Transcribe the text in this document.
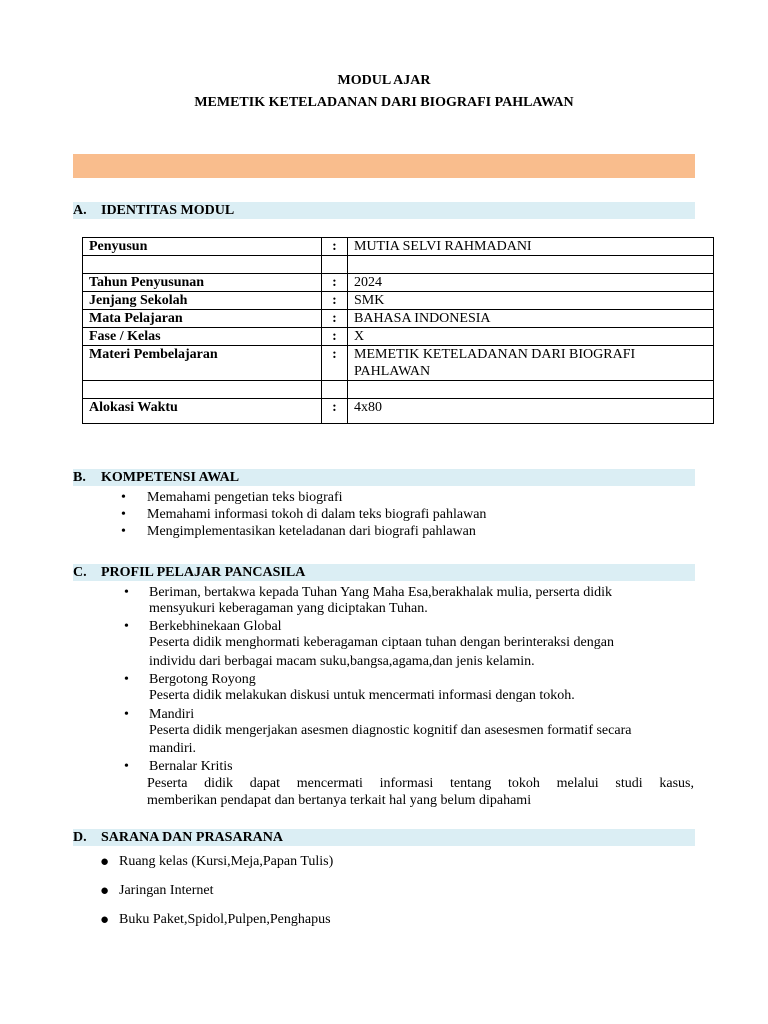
MODUL AJAR
MEMETIK KETELADANAN DARI BIOGRAFI PAHLAWAN
A. IDENTITAS MODUL
Penyusun	:	MUTIA SELVI RAHMADANI

Tahun Penyusunan	:	2024
Jenjang Sekolah	:	SMK
Mata Pelajaran	:	BAHASA INDONESIA
Fase / Kelas	:	X
Materi Pembelajaran	:	MEMETIK KETELADANAN DARI BIOGRAFI PAHLAWAN

Alokasi Waktu	:	4x80
B. KOMPETENSI AWAL
• Memahami pengetian teks biografi
• Memahami informasi tokoh di dalam teks biografi pahlawan
• Mengimplementasikan keteladanan dari biografi pahlawan
C. PROFIL PELAJAR PANCASILA
• Beriman, bertakwa kepada Tuhan Yang Maha Esa,berakhalak mulia, perserta didik
mensyukuri keberagaman yang diciptakan Tuhan.
• Berkebhinekaan Global
Peserta didik menghormati keberagaman ciptaan tuhan dengan berinteraksi dengan
individu dari berbagai macam suku,bangsa,agama,dan jenis kelamin.
• Bergotong Royong
Peserta didik melakukan diskusi untuk mencermati informasi dengan tokoh.
• Mandiri
Peserta didik mengerjakan asesmen diagnostic kognitif dan asesesmen formatif secara
mandiri.
• Bernalar Kritis
Peserta didik dapat mencermati informasi tentang tokoh melalui studi kasus,
memberikan pendapat dan bertanya terkait hal yang belum dipahami
D. SARANA DAN PRASARANA
● Ruang kelas (Kursi,Meja,Papan Tulis)
● Jaringan Internet
● Buku Paket,Spidol,Pulpen,Penghapus
